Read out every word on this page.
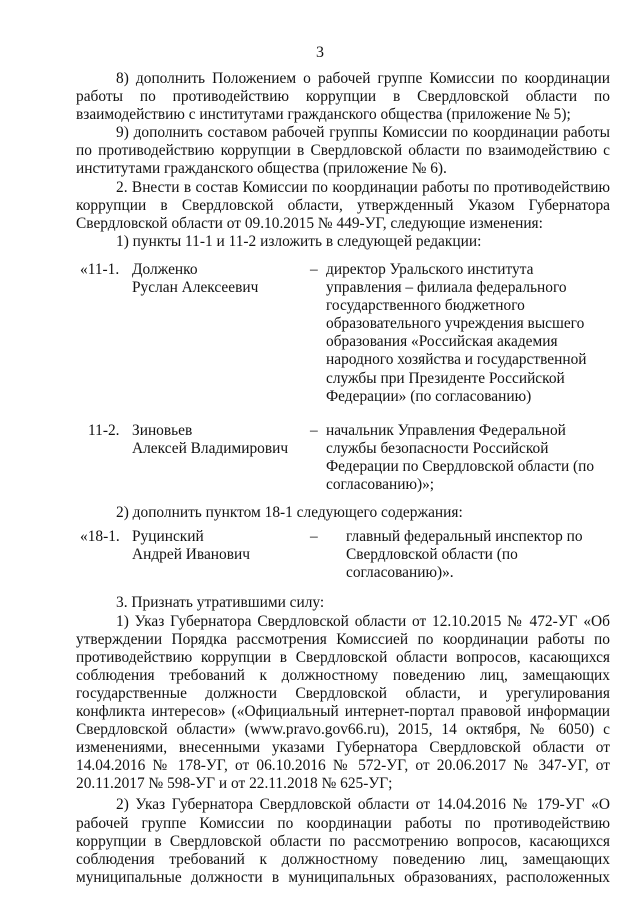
3

8) дополнить Положением о рабочей группе Комиссии по координации работы по противодействию коррупции в Свердловской области по взаимодействию с институтами гражданского общества (приложение № 5);

9) дополнить составом рабочей группы Комиссии по координации работы по противодействию коррупции в Свердловской области по взаимодействию с институтами гражданского общества (приложение № 6).

2. Внести в состав Комиссии по координации работы по противодействию коррупции в Свердловской области, утвержденный Указом Губернатора Свердловской области от 09.10.2015 № 449-УГ, следующие изменения:

1) пункты 11-1 и 11-2 изложить в следующей редакции:

«11-1. Долженко
Руслан Алексеевич
– директор Уральского института управления – филиала федерального государственного бюджетного образовательного учреждения высшего образования «Российская академия народного хозяйства и государственной службы при Президенте Российской Федерации» (по согласованию)
11-2. Зиновьев
Алексей Владимирович
– начальник Управления Федеральной службы безопасности Российской Федерации по Свердловской области (по согласованию)»;

2) дополнить пунктом 18-1 следующего содержания:

«18-1. Руцинский
Андрей Иванович
–	главный федеральный инспектор по Свердловской области (по согласованию)».

3. Признать утратившими силу:

1) Указ Губернатора Свердловской области от 12.10.2015 № 472-УГ «Об утверждении Порядка рассмотрения Комиссией по координации работы по противодействию коррупции в Свердловской области вопросов, касающихся соблюдения требований к должностному поведению лиц, замещающих государственные должности Свердловской области, и урегулирования конфликта интересов» («Официальный интернет-портал правовой информации Свердловской области» (www.pravo.gov66.ru), 2015, 14 октября, № 6050) с изменениями, внесенными указами Губернатора Свердловской области от 14.04.2016 № 178-УГ, от 06.10.2016 № 572-УГ, от 20.06.2017 № 347-УГ, от 20.11.2017 № 598-УГ и от 22.11.2018 № 625-УГ;

2) Указ Губернатора Свердловской области от 14.04.2016 № 179-УГ «О рабочей группе Комиссии по координации работы по противодействию коррупции в Свердловской области по рассмотрению вопросов, касающихся соблюдения требований к должностному поведению лиц, замещающих муниципальные должности в муниципальных образованиях, расположенных
